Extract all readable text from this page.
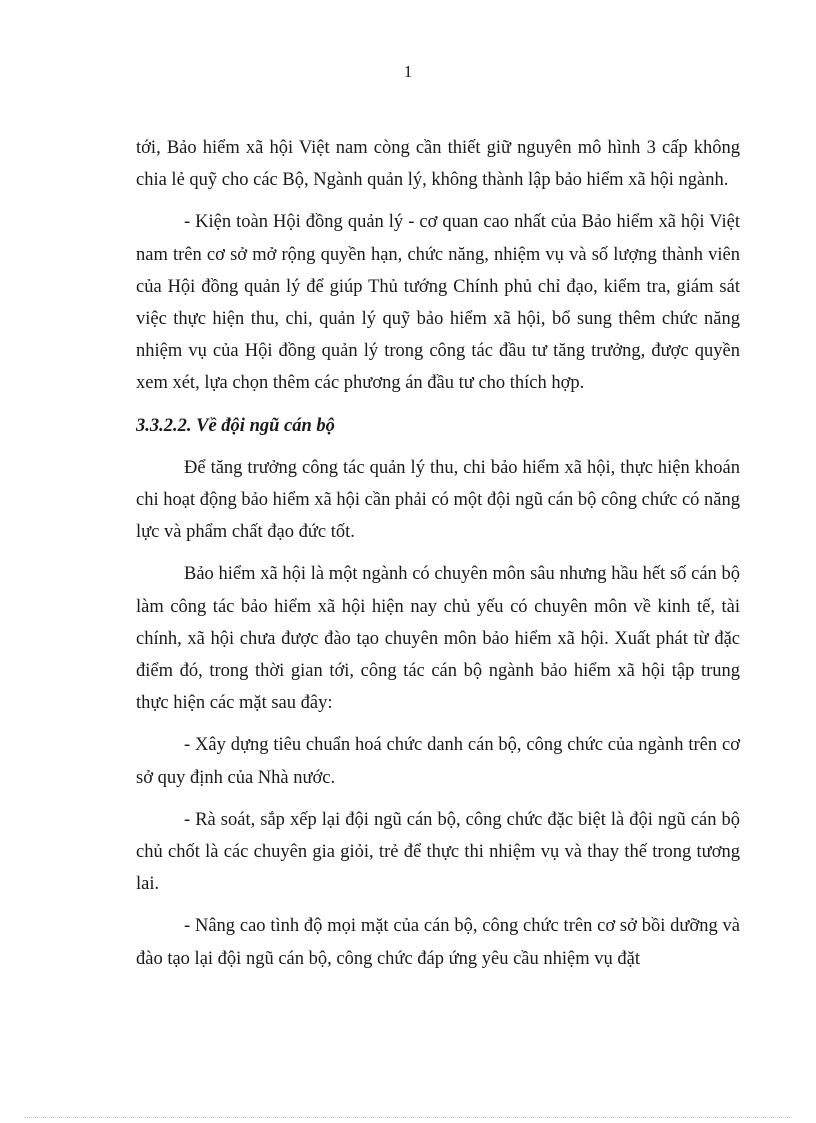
1

tới, Bảo hiểm xã hội Việt nam còng cần thiết giữ nguyên mô hình 3 cấp không chia lẻ quỹ cho các Bộ, Ngành quản lý, không thành lập bảo hiểm xã hội ngành.

- Kiện toàn Hội đồng quản lý - cơ quan cao nhất của Bảo hiểm xã hội Việt nam trên cơ sở mở rộng quyền hạn, chức năng, nhiệm vụ và số lượng thành viên của Hội đồng quản lý để giúp Thủ tướng Chính phủ chỉ đạo, kiểm tra, giám sát việc thực hiện thu, chi, quản lý quỹ bảo hiểm xã hội, bổ sung thêm chức năng nhiệm vụ của Hội đồng quản lý trong công tác đầu tư tăng trưởng, được quyền xem xét, lựa chọn thêm các phương án đầu tư cho thích hợp.

3.3.2.2. Về đội ngũ cán bộ

Để tăng trưởng công tác quản lý thu, chi bảo hiểm xã hội, thực hiện khoán chi hoạt động bảo hiểm xã hội cần phải có một đội ngũ cán bộ công chức có năng lực và phẩm chất đạo đức tốt.

Bảo hiểm xã hội là một ngành có chuyên môn sâu nhưng hầu hết số cán bộ làm công tác bảo hiểm xã hội hiện nay chủ yếu có chuyên môn về kinh tế, tài chính, xã hội chưa được đào tạo chuyên môn bảo hiểm xã hội. Xuất phát từ đặc điểm đó, trong thời gian tới, công tác cán bộ ngành bảo hiểm xã hội tập trung thực hiện các mặt sau đây:

- Xây dựng tiêu chuẩn hoá chức danh cán bộ, công chức của ngành trên cơ sở quy định của Nhà nước.

- Rà soát, sắp xếp lại đội ngũ cán bộ, công chức đặc biệt là đội ngũ cán bộ chủ chốt là các chuyên gia giỏi, trẻ để thực thi nhiệm vụ và thay thế trong tương lai.

- Nâng cao tình độ mọi mặt của cán bộ, công chức trên cơ sở bồi dưỡng và đào tạo lại đội ngũ cán bộ, công chức đáp ứng yêu cầu nhiệm vụ đặt
